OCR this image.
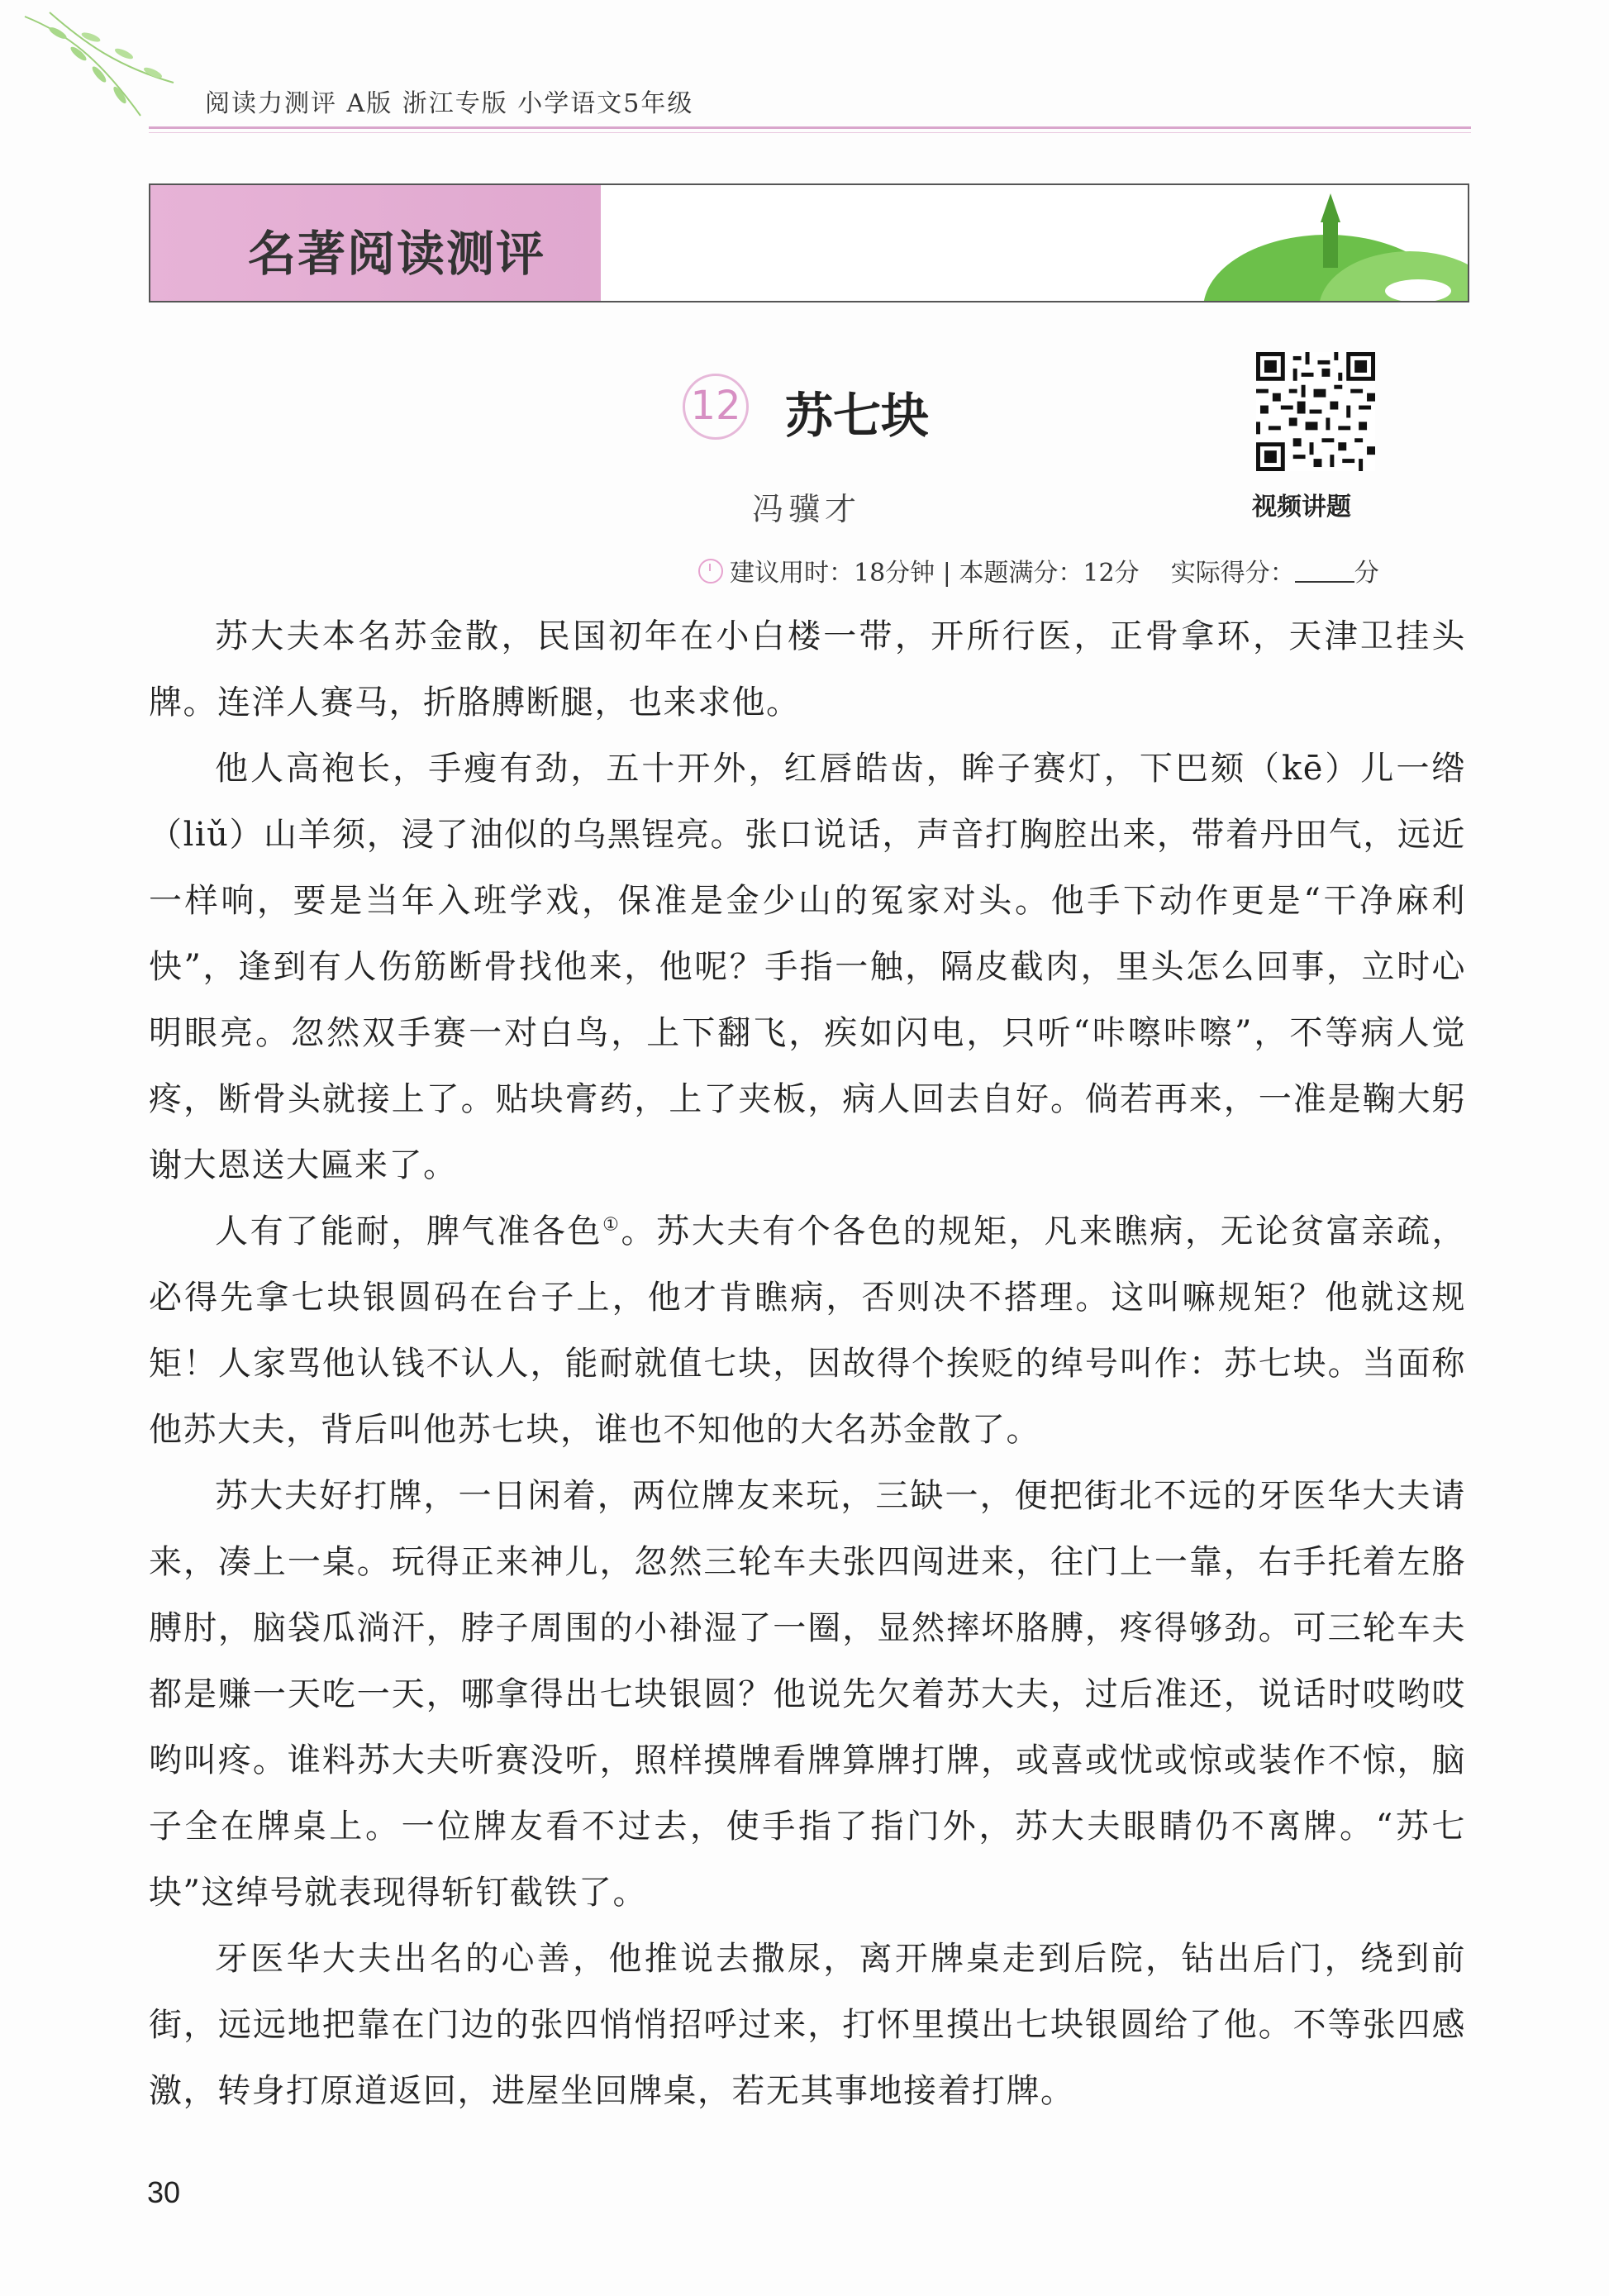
阅读力测评 A版 浙江专版 小学语文5年级
名著阅读测评
12 苏七块
视频讲题
冯骥才
建议用时：18分钟 | 本题满分：12分 实际得分： 分

苏大夫本名苏金散，民国初年在小白楼一带，开所行医，正骨拿环，天津卫挂头牌。连洋人赛马，折胳膊断腿，也来求他。

他人高袍长，手瘦有劲，五十开外，红唇皓齿，眸子赛灯，下巴颏（kē）儿一绺（liǔ）山羊须，浸了油似的乌黑锃亮。张口说话，声音打胸腔出来，带着丹田气，远近一样响，要是当年入班学戏，保准是金少山的冤家对头。他手下动作更是“干净麻利快”，逢到有人伤筋断骨找他来，他呢？手指一触，隔皮截肉，里头怎么回事，立时心明眼亮。忽然双手赛一对白鸟，上下翻飞，疾如闪电，只听“咔嚓咔嚓”，不等病人觉疼，断骨头就接上了。贴块膏药，上了夹板，病人回去自好。倘若再来，一准是鞠大躬谢大恩送大匾来了。

人有了能耐，脾气准各色①。苏大夫有个各色的规矩，凡来瞧病，无论贫富亲疏，必得先拿七块银圆码在台子上，他才肯瞧病，否则决不搭理。这叫嘛规矩？他就这规矩！人家骂他认钱不认人，能耐就值七块，因故得个挨贬的绰号叫作：苏七块。当面称他苏大夫，背后叫他苏七块，谁也不知他的大名苏金散了。

苏大夫好打牌，一日闲着，两位牌友来玩，三缺一，便把街北不远的牙医华大夫请来，凑上一桌。玩得正来神儿，忽然三轮车夫张四闯进来，往门上一靠，右手托着左胳膊肘，脑袋瓜淌汗，脖子周围的小褂湿了一圈，显然摔坏胳膊，疼得够劲。可三轮车夫都是赚一天吃一天，哪拿得出七块银圆？他说先欠着苏大夫，过后准还，说话时哎哟哎哟叫疼。谁料苏大夫听赛没听，照样摸牌看牌算牌打牌，或喜或忧或惊或装作不惊，脑子全在牌桌上。一位牌友看不过去，使手指了指门外，苏大夫眼睛仍不离牌。“苏七块”这绰号就表现得斩钉截铁了。

牙医华大夫出名的心善，他推说去撒尿，离开牌桌走到后院，钻出后门，绕到前街，远远地把靠在门边的张四悄悄招呼过来，打怀里摸出七块银圆给了他。不等张四感激，转身打原道返回，进屋坐回牌桌，若无其事地接着打牌。

30
